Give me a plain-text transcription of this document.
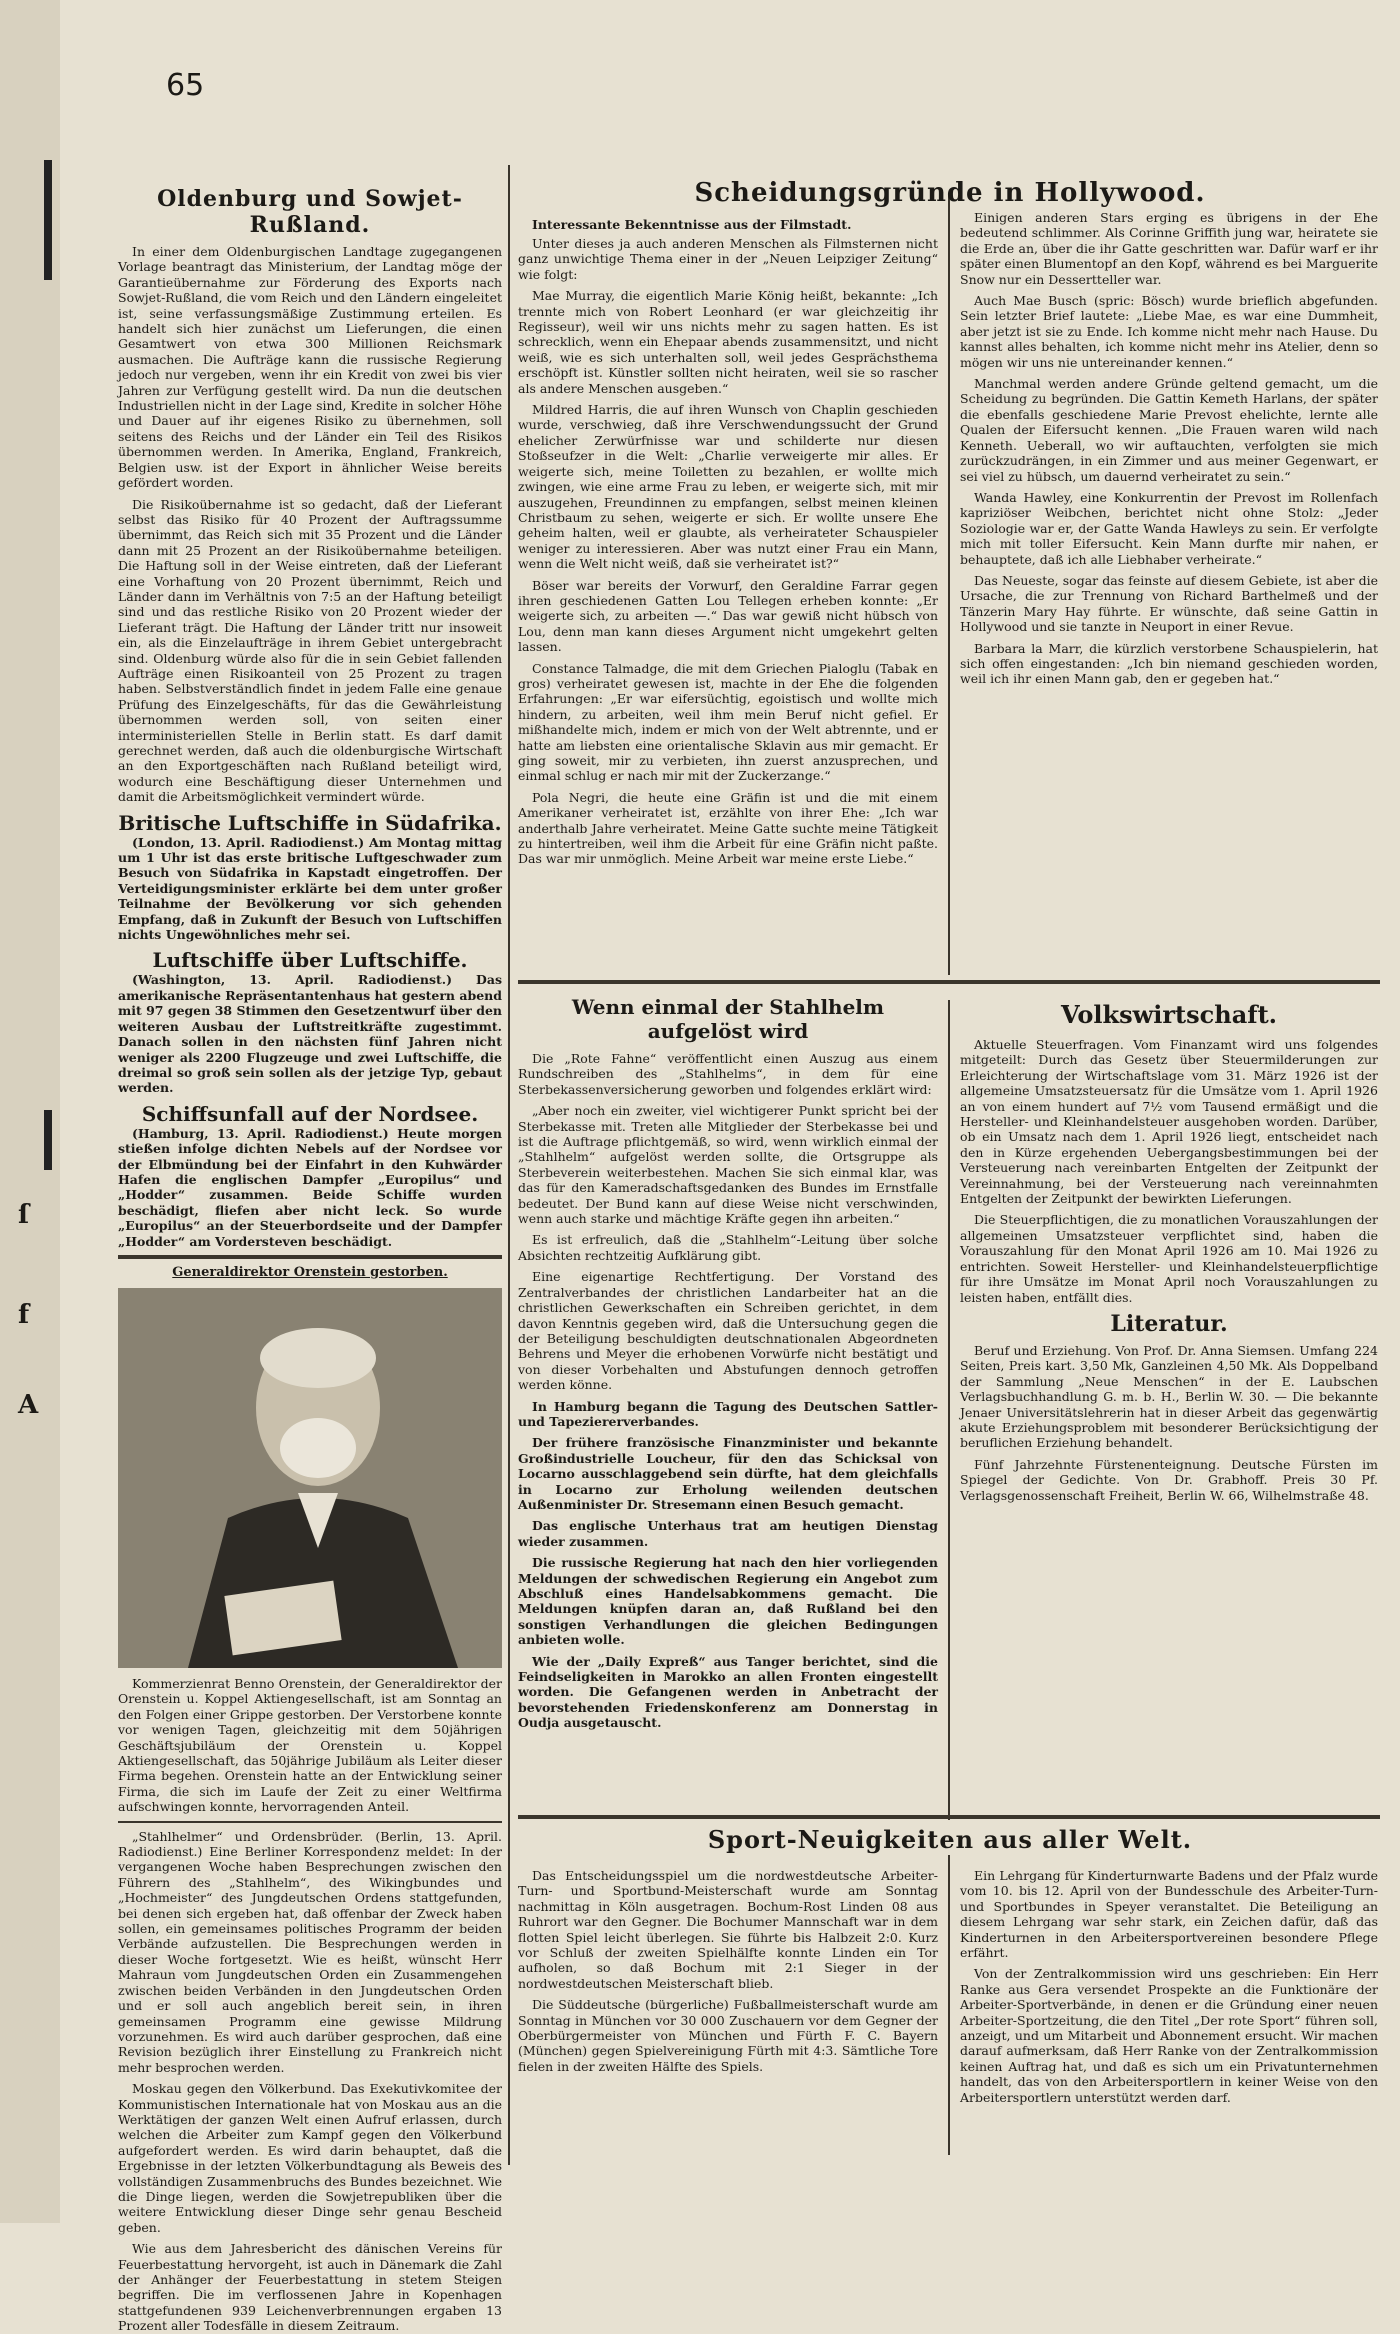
ſ
f
A
65
Oldenburg und Sowjet-Rußland.

In einer dem Oldenburgischen Landtage zugegangenen Vorlage beantragt das Ministerium, der Landtag möge der Garantieübernahme zur Förderung des Exports nach Sowjet-Rußland, die vom Reich und den Ländern eingeleitet ist, seine verfassungsmäßige Zustimmung erteilen. Es handelt sich hier zunächst um Lieferungen, die einen Gesamtwert von etwa 300 Millionen Reichsmark ausmachen. Die Aufträge kann die russische Regierung jedoch nur vergeben, wenn ihr ein Kredit von zwei bis vier Jahren zur Verfügung gestellt wird. Da nun die deutschen Industriellen nicht in der Lage sind, Kredite in solcher Höhe und Dauer auf ihr eigenes Risiko zu übernehmen, soll seitens des Reichs und der Länder ein Teil des Risikos übernommen werden. In Amerika, England, Frankreich, Belgien usw. ist der Export in ähnlicher Weise bereits gefördert worden.

Die Risikoübernahme ist so gedacht, daß der Lieferant selbst das Risiko für 40 Prozent der Auftragssumme übernimmt, das Reich sich mit 35 Prozent und die Länder dann mit 25 Prozent an der Risikoübernahme beteiligen. Die Haftung soll in der Weise eintreten, daß der Lieferant eine Vorhaftung von 20 Prozent übernimmt, Reich und Länder dann im Verhältnis von 7:5 an der Haftung beteiligt sind und das restliche Risiko von 20 Prozent wieder der Lieferant trägt. Die Haftung der Länder tritt nur insoweit ein, als die Einzelaufträge in ihrem Gebiet untergebracht sind. Oldenburg würde also für die in sein Gebiet fallenden Aufträge einen Risikoanteil von 25 Prozent zu tragen haben. Selbstverständlich findet in jedem Falle eine genaue Prüfung des Einzelgeschäfts, für das die Gewährleistung übernommen werden soll, von seiten einer interministeriellen Stelle in Berlin statt. Es darf damit gerechnet werden, daß auch die oldenburgische Wirtschaft an den Exportgeschäften nach Rußland beteiligt wird, wodurch eine Beschäftigung dieser Unternehmen und damit die Arbeitsmöglichkeit vermindert würde.

Britische Luftschiffe in Südafrika.

(London, 13. April. Radiodienst.) Am Montag mittag um 1 Uhr ist das erste britische Luftgeschwader zum Besuch von Südafrika in Kapstadt eingetroffen. Der Verteidigungsminister erklärte bei dem unter großer Teilnahme der Bevölkerung vor sich gehenden Empfang, daß in Zukunft der Besuch von Luftschiffen nichts Ungewöhnliches mehr sei.

Luftschiffe über Luftschiffe.

(Washington, 13. April. Radiodienst.) Das amerikanische Repräsentantenhaus hat gestern abend mit 97 gegen 38 Stimmen den Gesetzentwurf über den weiteren Ausbau der Luftstreitkräfte zugestimmt. Danach sollen in den nächsten fünf Jahren nicht weniger als 2200 Flugzeuge und zwei Luftschiffe, die dreimal so groß sein sollen als der jetzige Typ, gebaut werden.

Schiffsunfall auf der Nordsee.

(Hamburg, 13. April. Radiodienst.) Heute morgen stießen infolge dichten Nebels auf der Nordsee vor der Elbmündung bei der Einfahrt in den Kuhwärder Hafen die englischen Dampfer „Europilus“ und „Hodder“ zusammen. Beide Schiffe wurden beschädigt, fliefen aber nicht leck. So wurde „Europilus“ an der Steuerbordseite und der Dampfer „Hodder“ am Vordersteven beschädigt.

Generaldirektor Orenstein gestorben.

Kommerzienrat Benno Orenstein, der Generaldirektor der Orenstein u. Koppel Aktiengesellschaft, ist am Sonntag an den Folgen einer Grippe gestorben. Der Verstorbene konnte vor wenigen Tagen, gleichzeitig mit dem 50jährigen Geschäftsjubiläum der Orenstein u. Koppel Aktiengesellschaft, das 50jährige Jubiläum als Leiter dieser Firma begehen. Orenstein hatte an der Entwicklung seiner Firma, die sich im Laufe der Zeit zu einer Weltfirma aufschwingen konnte, hervorragenden Anteil.

„Stahlhelmer“ und Ordensbrüder. (Berlin, 13. April. Radiodienst.) Eine Berliner Korrespondenz meldet: In der vergangenen Woche haben Besprechungen zwischen den Führern des „Stahlhelm“, des Wikingbundes und „Hochmeister“ des Jungdeutschen Ordens stattgefunden, bei denen sich ergeben hat, daß offenbar der Zweck haben sollen, ein gemeinsames politisches Programm der beiden Verbände aufzustellen. Die Besprechungen werden in dieser Woche fortgesetzt. Wie es heißt, wünscht Herr Mahraun vom Jungdeutschen Orden ein Zusammengehen zwischen beiden Verbänden in den Jungdeutschen Orden und er soll auch angeblich bereit sein, in ihren gemeinsamen Programm eine gewisse Mildrung vorzunehmen. Es wird auch darüber gesprochen, daß eine Revision bezüglich ihrer Einstellung zu Frankreich nicht mehr besprochen werden.

Moskau gegen den Völkerbund. Das Exekutivkomitee der Kommunistischen Internationale hat von Moskau aus an die Werktätigen der ganzen Welt einen Aufruf erlassen, durch welchen die Arbeiter zum Kampf gegen den Völkerbund aufgefordert werden. Es wird darin behauptet, daß die Ergebnisse in der letzten Völkerbundtagung als Beweis des vollständigen Zusammenbruchs des Bundes bezeichnet. Wie die Dinge liegen, werden die Sowjetrepubliken über die weitere Entwicklung dieser Dinge sehr genau Bescheid geben.

Wie aus dem Jahresbericht des dänischen Vereins für Feuerbestattung hervorgeht, ist auch in Dänemark die Zahl der Anhänger der Feuerbestattung in stetem Steigen begriffen. Die im verflossenen Jahre in Kopenhagen stattgefundenen 939 Leichenverbrennungen ergaben 13 Prozent aller Todesfälle in diesem Zeitraum.

Scheidungsgründe in Hollywood.
Interessante Bekenntnisse aus der Filmstadt.

Unter dieses ja auch anderen Menschen als Filmsternen nicht ganz unwichtige Thema einer in der „Neuen Leipziger Zeitung“ wie folgt:

Mae Murray, die eigentlich Marie König heißt, bekannte: „Ich trennte mich von Robert Leonhard (er war gleichzeitig ihr Regisseur), weil wir uns nichts mehr zu sagen hatten. Es ist schrecklich, wenn ein Ehepaar abends zusammensitzt, und nicht weiß, wie es sich unterhalten soll, weil jedes Gesprächsthema erschöpft ist. Künstler sollten nicht heiraten, weil sie so rascher als andere Menschen ausgeben.“

Mildred Harris, die auf ihren Wunsch von Chaplin geschieden wurde, verschwieg, daß ihre Verschwendungssucht der Grund ehelicher Zerwürfnisse war und schilderte nur diesen Stoßseufzer in die Welt: „Charlie verweigerte mir alles. Er weigerte sich, meine Toiletten zu bezahlen, er wollte mich zwingen, wie eine arme Frau zu leben, er weigerte sich, mit mir auszugehen, Freundinnen zu empfangen, selbst meinen kleinen Christbaum zu sehen, weigerte er sich. Er wollte unsere Ehe geheim halten, weil er glaubte, als verheirateter Schauspieler weniger zu interessieren. Aber was nutzt einer Frau ein Mann, wenn die Welt nicht weiß, daß sie verheiratet ist?“

Böser war bereits der Vorwurf, den Geraldine Farrar gegen ihren geschiedenen Gatten Lou Tellegen erheben konnte: „Er weigerte sich, zu arbeiten —.“ Das war gewiß nicht hübsch von Lou, denn man kann dieses Argument nicht umgekehrt gelten lassen.

Constance Talmadge, die mit dem Griechen Pialoglu (Tabak en gros) verheiratet gewesen ist, machte in der Ehe die folgenden Erfahrungen: „Er war eifersüchtig, egoistisch und wollte mich hindern, zu arbeiten, weil ihm mein Beruf nicht gefiel. Er mißhandelte mich, indem er mich von der Welt abtrennte, und er hatte am liebsten eine orientalische Sklavin aus mir gemacht. Er ging soweit, mir zu verbieten, ihn zuerst anzusprechen, und einmal schlug er nach mir mit der Zuckerzange.“

Pola Negri, die heute eine Gräfin ist und die mit einem Amerikaner verheiratet ist, erzählte von ihrer Ehe: „Ich war anderthalb Jahre verheiratet. Meine Gatte suchte meine Tätigkeit zu hintertreiben, weil ihm die Arbeit für eine Gräfin nicht paßte. Das war mir unmöglich. Meine Arbeit war meine erste Liebe.“

Einigen anderen Stars erging es übrigens in der Ehe bedeutend schlimmer. Als Corinne Griffith jung war, heiratete sie die Erde an, über die ihr Gatte geschritten war. Dafür warf er ihr später einen Blumentopf an den Kopf, während es bei Marguerite Snow nur ein Dessertteller war.

Auch Mae Busch (spric: Bösch) wurde brieflich abgefunden. Sein letzter Brief lautete: „Liebe Mae, es war eine Dummheit, aber jetzt ist sie zu Ende. Ich komme nicht mehr nach Hause. Du kannst alles behalten, ich komme nicht mehr ins Atelier, denn so mögen wir uns nie untereinander kennen.“

Manchmal werden andere Gründe geltend gemacht, um die Scheidung zu begründen. Die Gattin Kemeth Harlans, der später die ebenfalls geschiedene Marie Prevost ehelichte, lernte alle Qualen der Eifersucht kennen. „Die Frauen waren wild nach Kenneth. Ueberall, wo wir auftauchten, verfolgten sie mich zurückzudrängen, in ein Zimmer und aus meiner Gegenwart, er sei viel zu hübsch, um dauernd verheiratet zu sein.“

Wanda Hawley, eine Konkurrentin der Prevost im Rollenfach kapriziöser Weibchen, berichtet nicht ohne Stolz: „Jeder Soziologie war er, der Gatte Wanda Hawleys zu sein. Er verfolgte mich mit toller Eifersucht. Kein Mann durfte mir nahen, er behauptete, daß ich alle Liebhaber verheirate.“

Das Neueste, sogar das feinste auf diesem Gebiete, ist aber die Ursache, die zur Trennung von Richard Barthelmeß und der Tänzerin Mary Hay führte. Er wünschte, daß seine Gattin in Hollywood und sie tanzte in Neuport in einer Revue.

Barbara la Marr, die kürzlich verstorbene Schauspielerin, hat sich offen eingestanden: „Ich bin niemand geschieden worden, weil ich ihr einen Mann gab, den er gegeben hat.“

Wenn einmal der Stahlhelm aufgelöst wird

Die „Rote Fahne“ veröffentlicht einen Auszug aus einem Rundschreiben des „Stahlhelms“, in dem für eine Sterbekassenversicherung geworben und folgendes erklärt wird:

„Aber noch ein zweiter, viel wichtigerer Punkt spricht bei der Sterbekasse mit. Treten alle Mitglieder der Sterbekasse bei und ist die Auftrage pflichtgemäß, so wird, wenn wirklich einmal der „Stahlhelm“ aufgelöst werden sollte, die Ortsgruppe als Sterbeverein weiterbestehen. Machen Sie sich einmal klar, was das für den Kameradschaftsgedanken des Bundes im Ernstfalle bedeutet. Der Bund kann auf diese Weise nicht verschwinden, wenn auch starke und mächtige Kräfte gegen ihn arbeiten.“

Es ist erfreulich, daß die „Stahlhelm“-Leitung über solche Absichten rechtzeitig Aufklärung gibt.

Eine eigenartige Rechtfertigung. Der Vorstand des Zentralverbandes der christlichen Landarbeiter hat an die christlichen Gewerkschaften ein Schreiben gerichtet, in dem davon Kenntnis gegeben wird, daß die Untersuchung gegen die der Beteiligung beschuldigten deutschnationalen Abgeordneten Behrens und Meyer die erhobenen Vorwürfe nicht bestätigt und von dieser Vorbehalten und Abstufungen dennoch getroffen werden könne.

In Hamburg begann die Tagung des Deutschen Sattler- und Tapeziererverbandes.

Der frühere französische Finanzminister und bekannte Großindustrielle Loucheur, für den das Schicksal von Locarno ausschlaggebend sein dürfte, hat dem gleichfalls in Locarno zur Erholung weilenden deutschen Außenminister Dr. Stresemann einen Besuch gemacht.

Das englische Unterhaus trat am heutigen Dienstag wieder zusammen.

Die russische Regierung hat nach den hier vorliegenden Meldungen der schwedischen Regierung ein Angebot zum Abschluß eines Handelsabkommens gemacht. Die Meldungen knüpfen daran an, daß Rußland bei den sonstigen Verhandlungen die gleichen Bedingungen anbieten wolle.

Wie der „Daily Expreß“ aus Tanger berichtet, sind die Feindseligkeiten in Marokko an allen Fronten eingestellt worden. Die Gefangenen werden in Anbetracht der bevorstehenden Friedenskonferenz am Donnerstag in Oudja ausgetauscht.

Volkswirtschaft.

Aktuelle Steuerfragen. Vom Finanzamt wird uns folgendes mitgeteilt: Durch das Gesetz über Steuermilderungen zur Erleichterung der Wirtschaftslage vom 31. März 1926 ist der allgemeine Umsatzsteuersatz für die Umsätze vom 1. April 1926 an von einem hundert auf 7½ vom Tausend ermäßigt und die Hersteller- und Kleinhandelsteuer ausgehoben worden. Darüber, ob ein Umsatz nach dem 1. April 1926 liegt, entscheidet nach den in Kürze ergehenden Uebergangsbestimmungen bei der Versteuerung nach vereinbarten Entgelten der Zeitpunkt der Vereinnahmung, bei der Versteuerung nach vereinnahmten Entgelten der Zeitpunkt der bewirkten Lieferungen.

Die Steuerpflichtigen, die zu monatlichen Vorauszahlungen der allgemeinen Umsatzsteuer verpflichtet sind, haben die Vorauszahlung für den Monat April 1926 am 10. Mai 1926 zu entrichten. Soweit Hersteller- und Kleinhandelsteuerpflichtige für ihre Umsätze im Monat April noch Vorauszahlungen zu leisten haben, entfällt dies.

Literatur.

Beruf und Erziehung. Von Prof. Dr. Anna Siemsen. Umfang 224 Seiten, Preis kart. 3,50 Mk, Ganzleinen 4,50 Mk. Als Doppelband der Sammlung „Neue Menschen“ in der E. Laubschen Verlagsbuchhandlung G. m. b. H., Berlin W. 30. — Die bekannte Jenaer Universitätslehrerin hat in dieser Arbeit das gegenwärtig akute Erziehungsproblem mit besonderer Berücksichtigung der beruflichen Erziehung behandelt.

Fünf Jahrzehnte Fürstenenteignung. Deutsche Fürsten im Spiegel der Gedichte. Von Dr. Grabhoff. Preis 30 Pf. Verlagsgenossenschaft Freiheit, Berlin W. 66, Wilhelmstraße 48.

Sport-Neuigkeiten aus aller Welt.

Das Entscheidungsspiel um die nordwestdeutsche Arbeiter-Turn- und Sportbund-Meisterschaft wurde am Sonntag nachmittag in Köln ausgetragen. Bochum-Rost Linden 08 aus Ruhrort war den Gegner. Die Bochumer Mannschaft war in dem flotten Spiel leicht überlegen. Sie führte bis Halbzeit 2:0. Kurz vor Schluß der zweiten Spielhälfte konnte Linden ein Tor aufholen, so daß Bochum mit 2:1 Sieger in der nordwestdeutschen Meisterschaft blieb.

Die Süddeutsche (bürgerliche) Fußballmeisterschaft wurde am Sonntag in München vor 30 000 Zuschauern vor dem Gegner der Oberbürgermeister von München und Fürth F. C. Bayern (München) gegen Spielvereinigung Fürth mit 4:3. Sämtliche Tore fielen in der zweiten Hälfte des Spiels.

Ein Lehrgang für Kinderturnwarte Badens und der Pfalz wurde vom 10. bis 12. April von der Bundesschule des Arbeiter-Turn- und Sportbundes in Speyer veranstaltet. Die Beteiligung an diesem Lehrgang war sehr stark, ein Zeichen dafür, daß das Kinderturnen in den Arbeitersportvereinen besondere Pflege erfährt.

Von der Zentralkommission wird uns geschrieben: Ein Herr Ranke aus Gera versendet Prospekte an die Funktionäre der Arbeiter-Sportverbände, in denen er die Gründung einer neuen Arbeiter-Sportzeitung, die den Titel „Der rote Sport“ führen soll, anzeigt, und um Mitarbeit und Abonnement ersucht. Wir machen darauf aufmerksam, daß Herr Ranke von der Zentralkommission keinen Auftrag hat, und daß es sich um ein Privatunternehmen handelt, das von den Arbeitersportlern in keiner Weise von den Arbeitersportlern unterstützt werden darf.
